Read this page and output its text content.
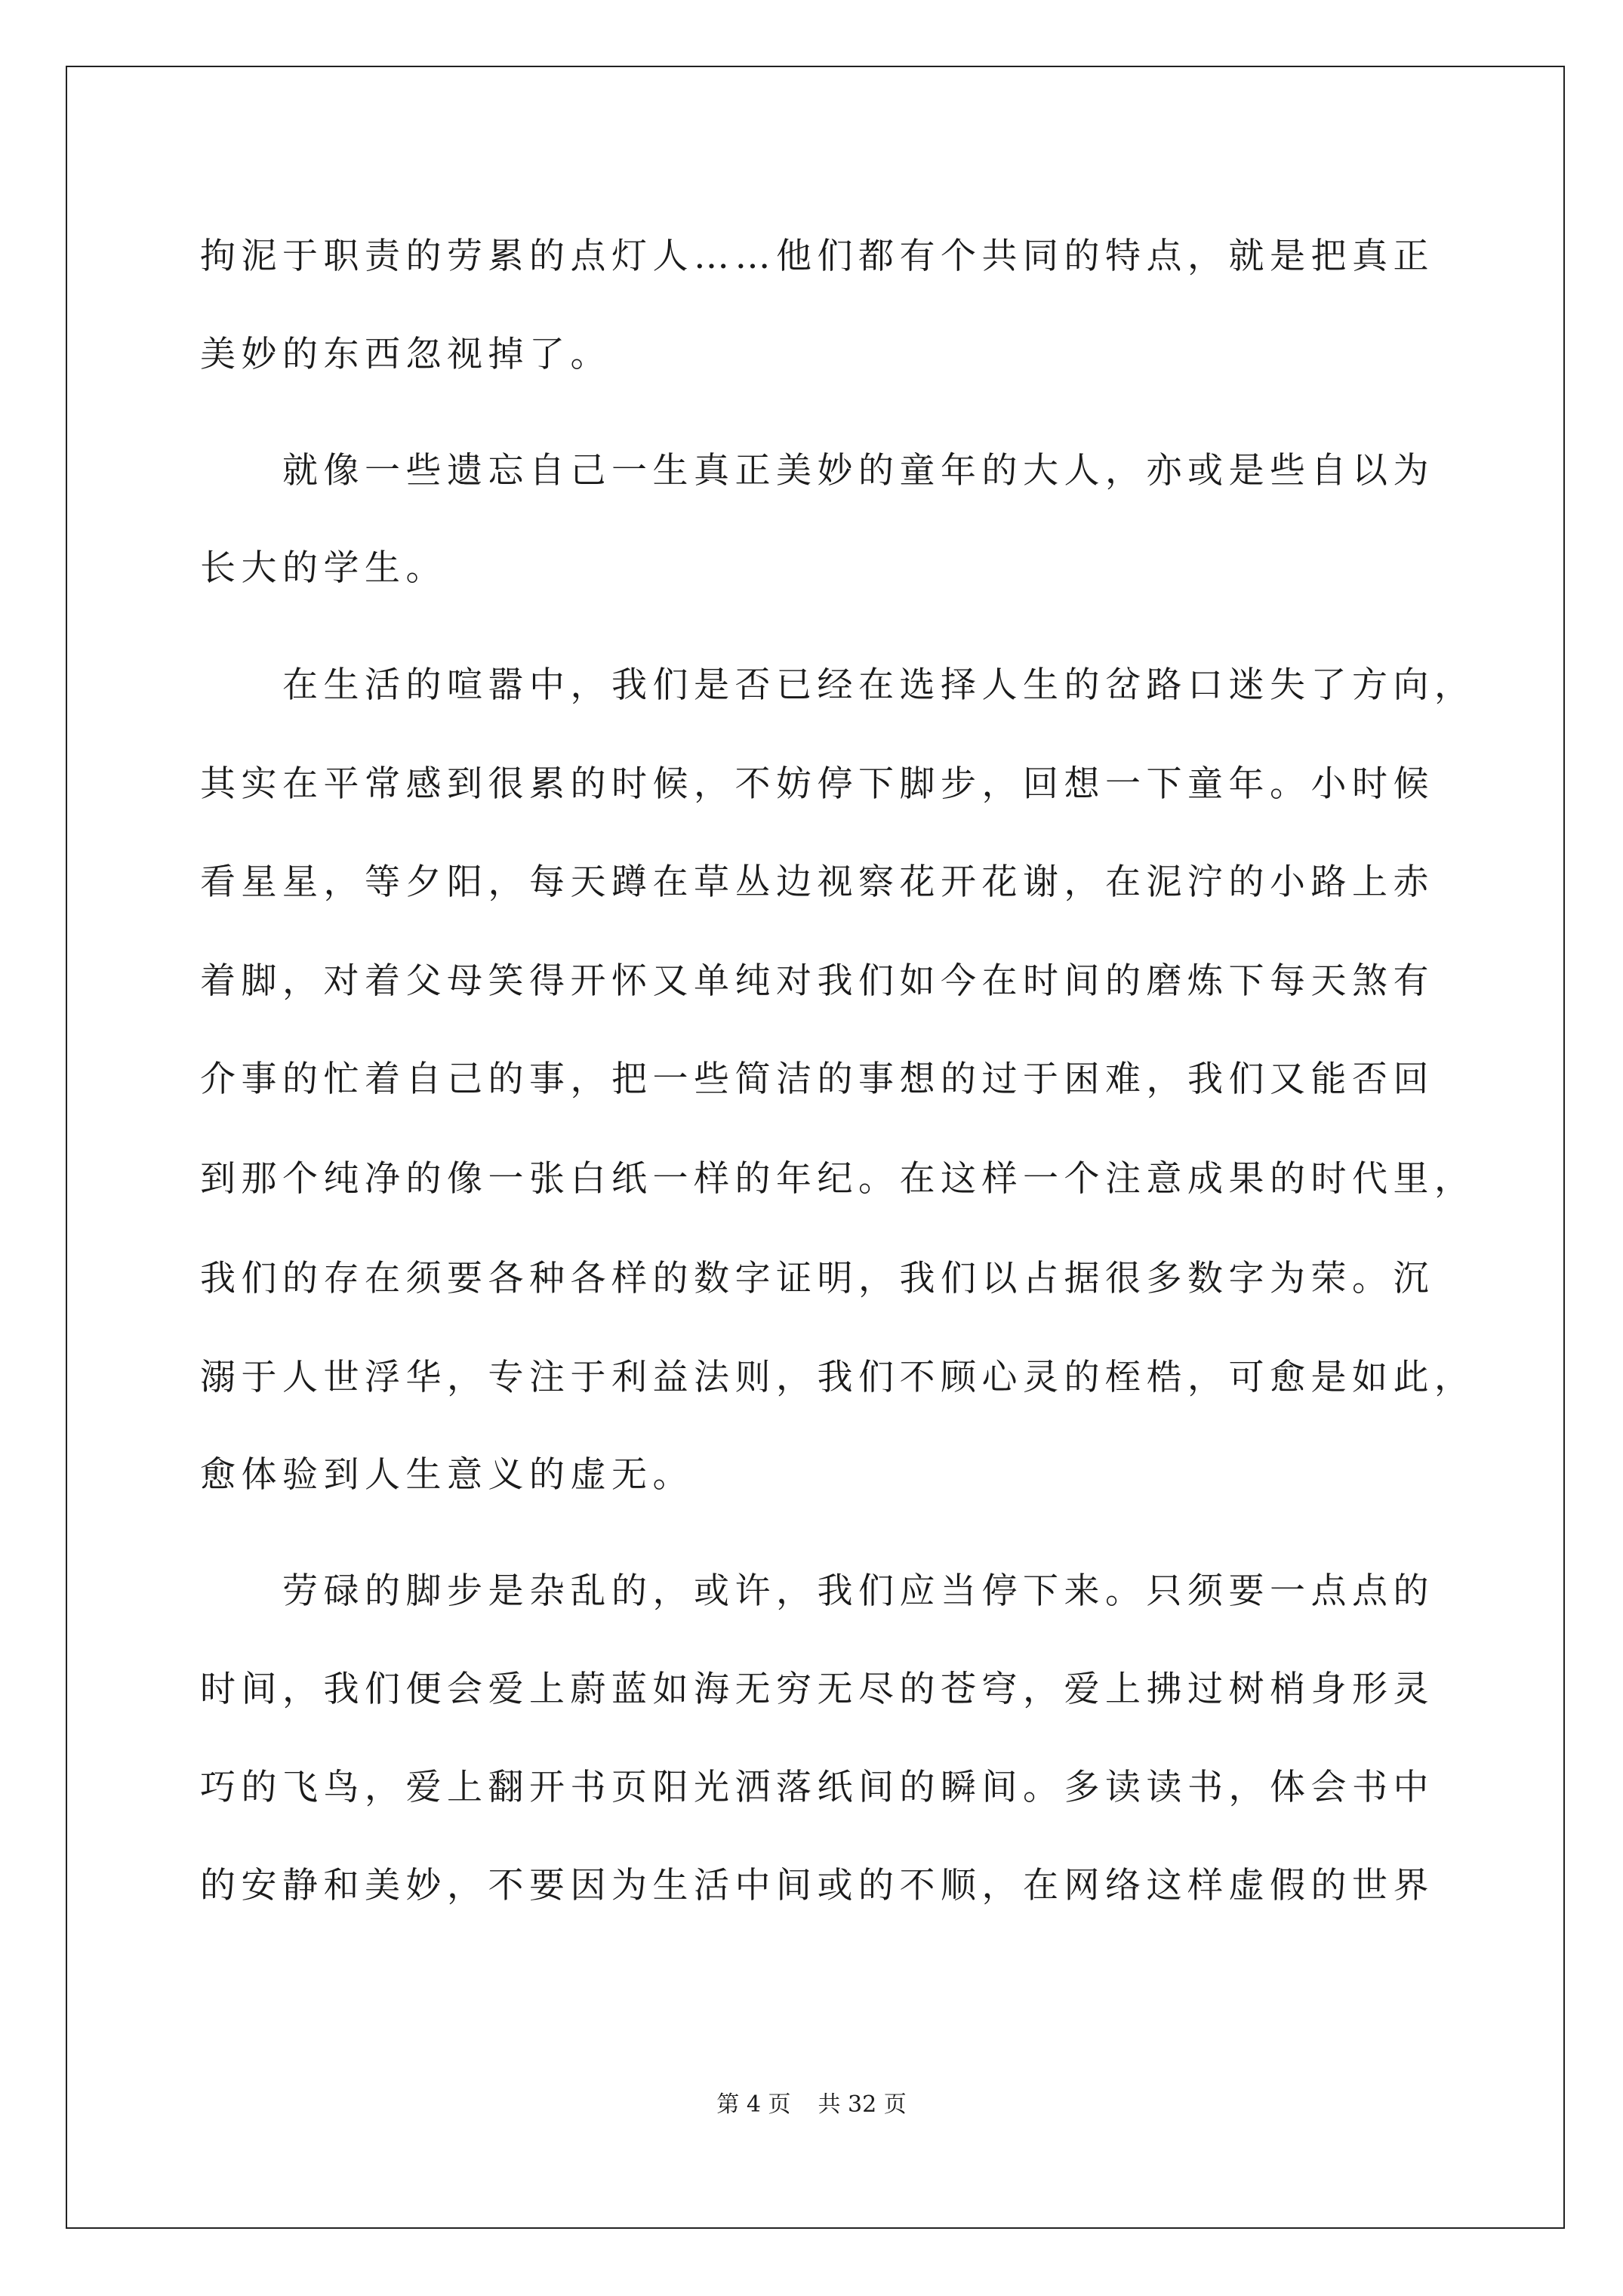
拘泥于职责的劳累的点灯人……他们都有个共同的特点，就是把真正
美妙的东西忽视掉了。
　　就像一些遗忘自己一生真正美妙的童年的大人，亦或是些自以为
长大的学生。
　　在生活的喧嚣中，我们是否已经在选择人生的岔路口迷失了方向，
其实在平常感到很累的时候，不妨停下脚步，回想一下童年。小时候
看星星，等夕阳，每天蹲在草丛边视察花开花谢，在泥泞的小路上赤
着脚，对着父母笑得开怀又单纯对我们如今在时间的磨炼下每天煞有
介事的忙着自己的事，把一些简洁的事想的过于困难，我们又能否回
到那个纯净的像一张白纸一样的年纪。在这样一个注意成果的时代里，
我们的存在须要各种各样的数字证明，我们以占据很多数字为荣。沉
溺于人世浮华，专注于利益法则，我们不顾心灵的桎梏，可愈是如此，
愈体验到人生意义的虚无。
　　劳碌的脚步是杂乱的，或许，我们应当停下来。只须要一点点的
时间，我们便会爱上蔚蓝如海无穷无尽的苍穹，爱上拂过树梢身形灵
巧的飞鸟，爱上翻开书页阳光洒落纸间的瞬间。多读读书，体会书中
的安静和美妙，不要因为生活中间或的不顺，在网络这样虚假的世界
第 4 页 共 32 页
